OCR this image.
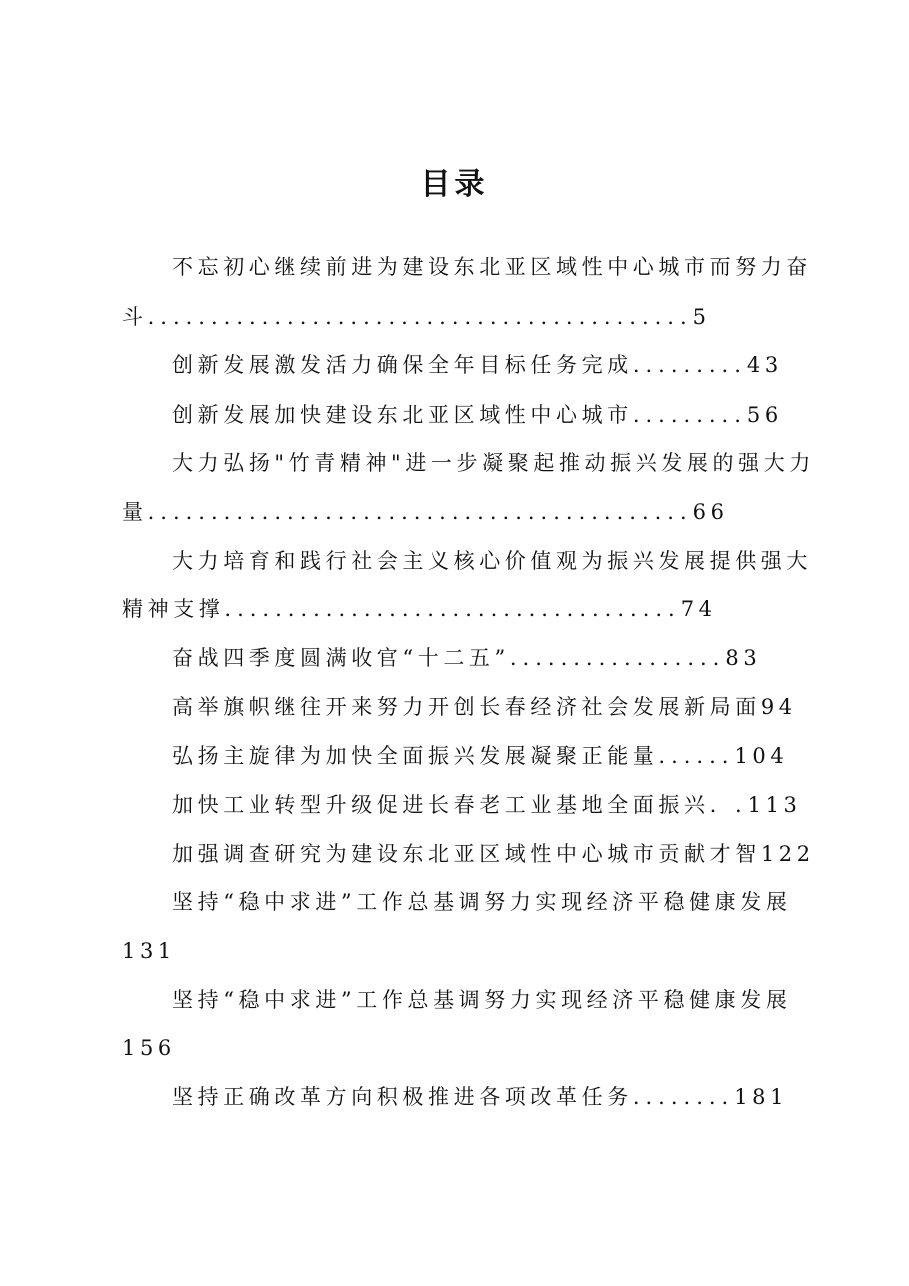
目录
不忘初心继续前进为建设东北亚区域性中心城市而努力奋
斗...........................................5
创新发展激发活力确保全年目标任务完成.........43
创新发展加快建设东北亚区域性中心城市.........56
大力弘扬"竹青精神"进一步凝聚起推动振兴发展的强大力
量...........................................66
大力培育和践行社会主义核心价值观为振兴发展提供强大
精神支撑....................................74
奋战四季度圆满收官“十二五”.................83
高举旗帜继往开来努力开创长春经济社会发展新局面94
弘扬主旋律为加快全面振兴发展凝聚正能量......104
加快工业转型升级促进长春老工业基地全面振兴. .113
加强调查研究为建设东北亚区域性中心城市贡献才智122
坚持“稳中求进”工作总基调努力实现经济平稳健康发展
131
坚持“稳中求进”工作总基调努力实现经济平稳健康发展
156
坚持正确改革方向积极推进各项改革任务........181
